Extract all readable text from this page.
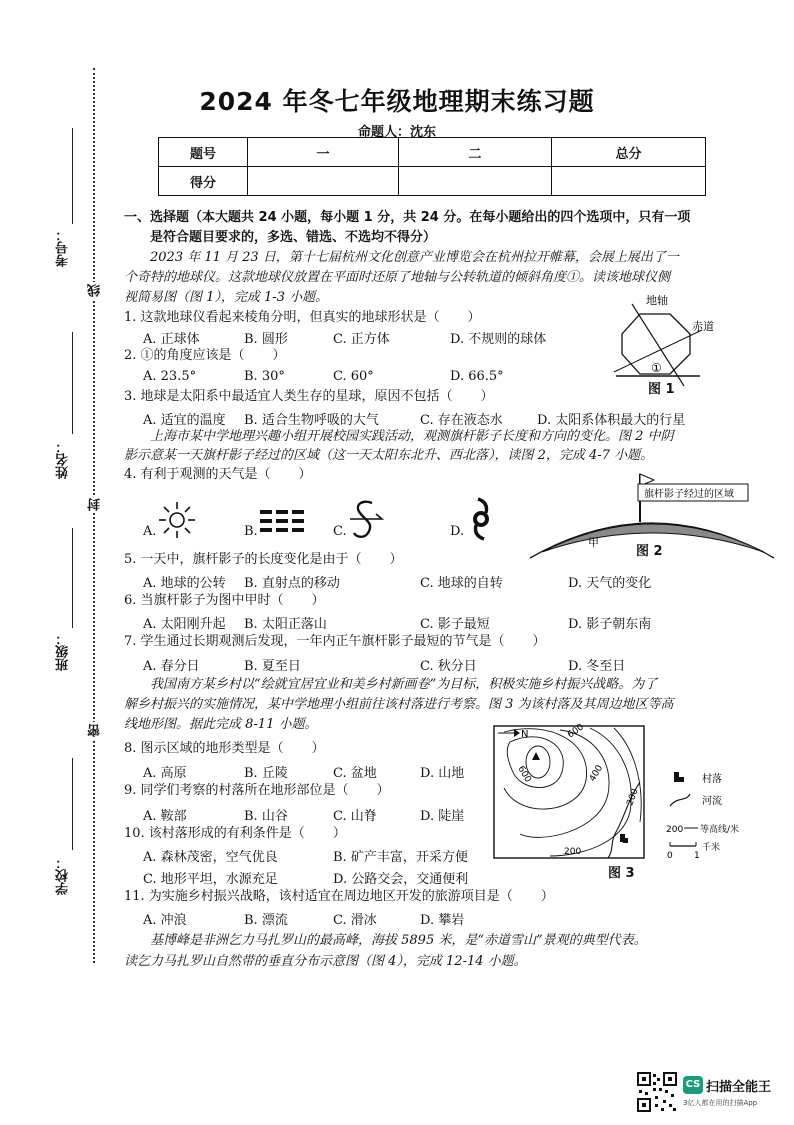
线
封
密
考号：
姓名：
班级：
学校：
2024 年冬七年级地理期末练习题
命题人：沈东
题号	一	二	总分
得分			
一、选择题（本大题共 24 小题，每小题 1 分，共 24 分。在每小题给出的四个选项中，只有一项
是符合题目要求的，多选、错选、不选均不得分）
2023 年 11 月 23 日，第十七届杭州文化创意产业博览会在杭州拉开帷幕，会展上展出了一
个奇特的地球仪。这款地球仪放置在平面时还原了地轴与公转轨道的倾斜角度①。读该地球仪侧
视简易图（图 1），完成 1-3 小题。
1. 这款地球仪看起来棱角分明，但真实的地球形状是（ ）
A. 正球体	B. 圆形	C. 正方体	D. 不规则的球体
2. ①的角度应该是（ ）
A. 23.5°	B. 30°	C. 60°	D. 66.5°
地轴
赤道
①
图 1
3. 地球是太阳系中最适宜人类生存的星球，原因不包括（ ）
A. 适宜的温度 B. 适合生物呼吸的大气	C. 存在液态水	D. 太阳系体积最大的行星
上海市某中学地理兴趣小组开展校园实践活动，观测旗杆影子长度和方向的变化。图 2 中阴
影示意某一天旗杆影子经过的区域（这一天太阳东北升、西北落），读图 2，完成 4-7 小题。
4. 有利于观测的天气是（ ）
A.	B.	C.	D.
旗杆影子经过的区域
甲
图 2
5. 一天中，旗杆影子的长度变化是由于（ ）
A. 地球的公转 B. 直射点的移动	C. 地球的自转	D. 天气的变化
6. 当旗杆影子为图中甲时（ ）
A. 太阳刚升起 B. 太阳正落山	C. 影子最短	D. 影子朝东南
7. 学生通过长期观测后发现，一年内正午旗杆影子最短的节气是（ ）
A. 春分日	B. 夏至日	C. 秋分日	D. 冬至日
我国南方某乡村以“绘就宜居宜业和美乡村新画卷”为目标，积极实施乡村振兴战略。为了
解乡村振兴的实施情况，某中学地理小组前往该村落进行考察。图 3 为该村落及其周边地区等高
线地形图。据此完成 8-11 小题。
N
600
600
400
200
200
村落
河流
200 等高线/米
0 1
千米
图 3
8. 图示区域的地形类型是（ ）
A. 高原	B. 丘陵	C. 盆地	D. 山地
9. 同学们考察的村落所在地形部位是（ ）
A. 鞍部	B. 山谷	C. 山脊	D. 陡崖
10. 该村落形成的有利条件是（ ）
A. 森林茂密，空气优良	B. 矿产丰富，开采方便
C. 地形平坦，水源充足	D. 公路交会，交通便利
11. 为实施乡村振兴战略，该村适宜在周边地区开发的旅游项目是（ ）
A. 冲浪	B. 漂流	C. 滑冰	D. 攀岩
基博峰是非洲乞力马扎罗山的最高峰，海拔 5895 米，是“赤道雪山”景观的典型代表。
读乞力马扎罗山自然带的垂直分布示意图（图 4），完成 12-14 小题。
CS 扫描全能王
3亿人都在用的扫描App
